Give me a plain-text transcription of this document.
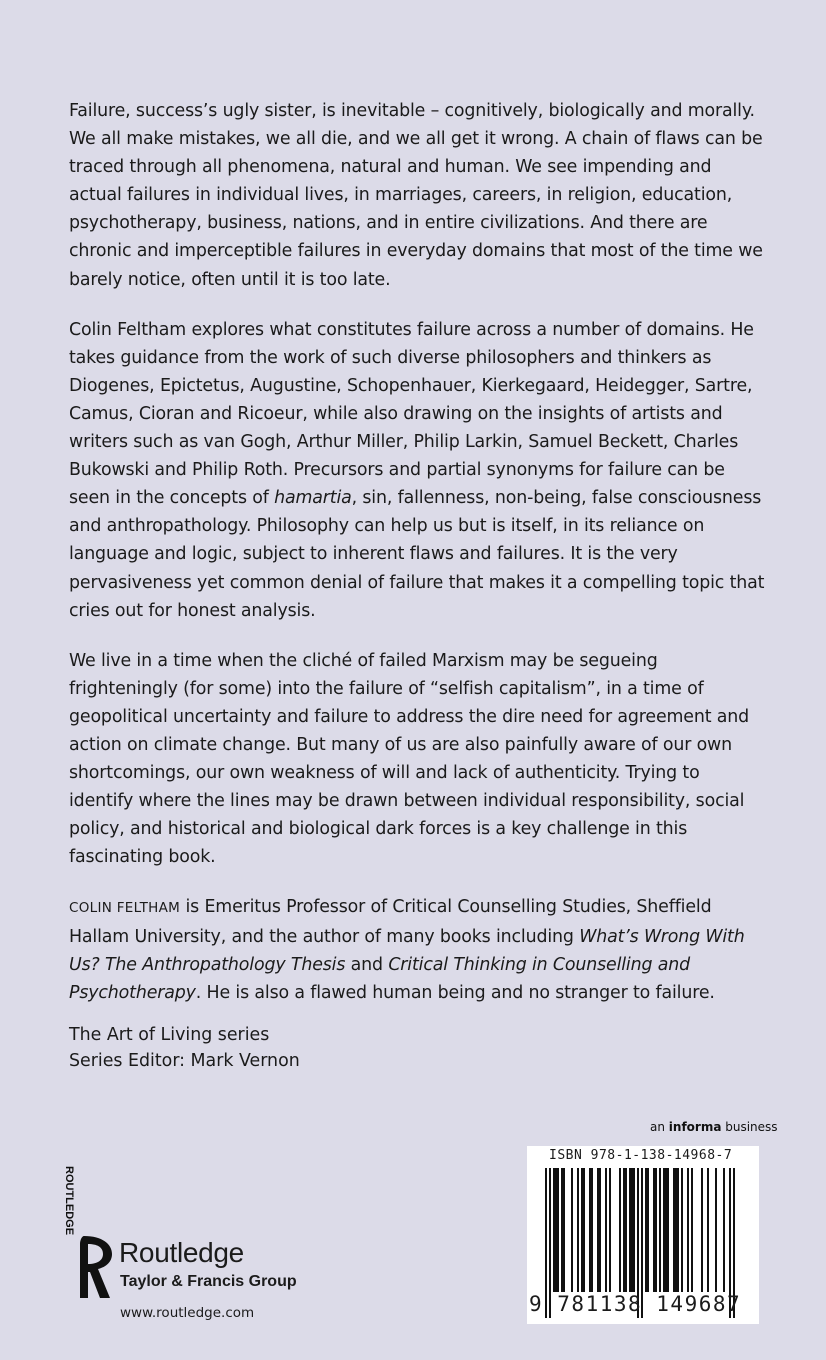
Failure, success’s ugly sister, is inevitable – cognitively, biologically and morally. We all make mistakes, we all die, and we all get it wrong. A chain of flaws can be traced through all phenomena, natural and human. We see impending and actual failures in individual lives, in marriages, careers, in religion, education, psychotherapy, business, nations, and in entire civilizations. And there are chronic and imperceptible failures in everyday domains that most of the time we barely notice, often until it is too late.

Colin Feltham explores what constitutes failure across a number of domains. He takes guidance from the work of such diverse philosophers and thinkers as Diogenes, Epictetus, Augustine, Schopenhauer, Kierkegaard, Heidegger, Sartre, Camus, Cioran and Ricoeur, while also drawing on the insights of artists and writers such as van Gogh, Arthur Miller, Philip Larkin, Samuel Beckett, Charles Bukowski and Philip Roth. Precursors and partial synonyms for failure can be seen in the concepts of hamartia, sin, fallenness, non-being, false consciousness and anthropathology. Philosophy can help us but is itself, in its reliance on language and logic, subject to inherent flaws and failures. It is the very pervasiveness yet common denial of failure that makes it a compelling topic that cries out for honest analysis.

We live in a time when the cliché of failed Marxism may be segueing frighteningly (for some) into the failure of “selfish capitalism”, in a time of geopolitical uncertainty and failure to address the dire need for agreement and action on climate change. But many of us are also painfully aware of our own shortcomings, our own weakness of will and lack of authenticity. Trying to identify where the lines may be drawn between individual responsibility, social policy, and historical and biological dark forces is a key challenge in this fascinating book.

COLIN FELTHAM is Emeritus Professor of Critical Counselling Studies, Sheffield Hallam University, and the author of many books including What’s Wrong With Us? The Anthropathology Thesis and Critical Thinking in Counselling and Psychotherapy. He is also a flawed human being and no stranger to failure.

The Art of Living series
Series Editor: Mark Vernon
an informa business
ISBN 978-1-138-14968-7
9 781138 149687
ROUTLEDGE
Routledge
Taylor & Francis Group
www.routledge.com
